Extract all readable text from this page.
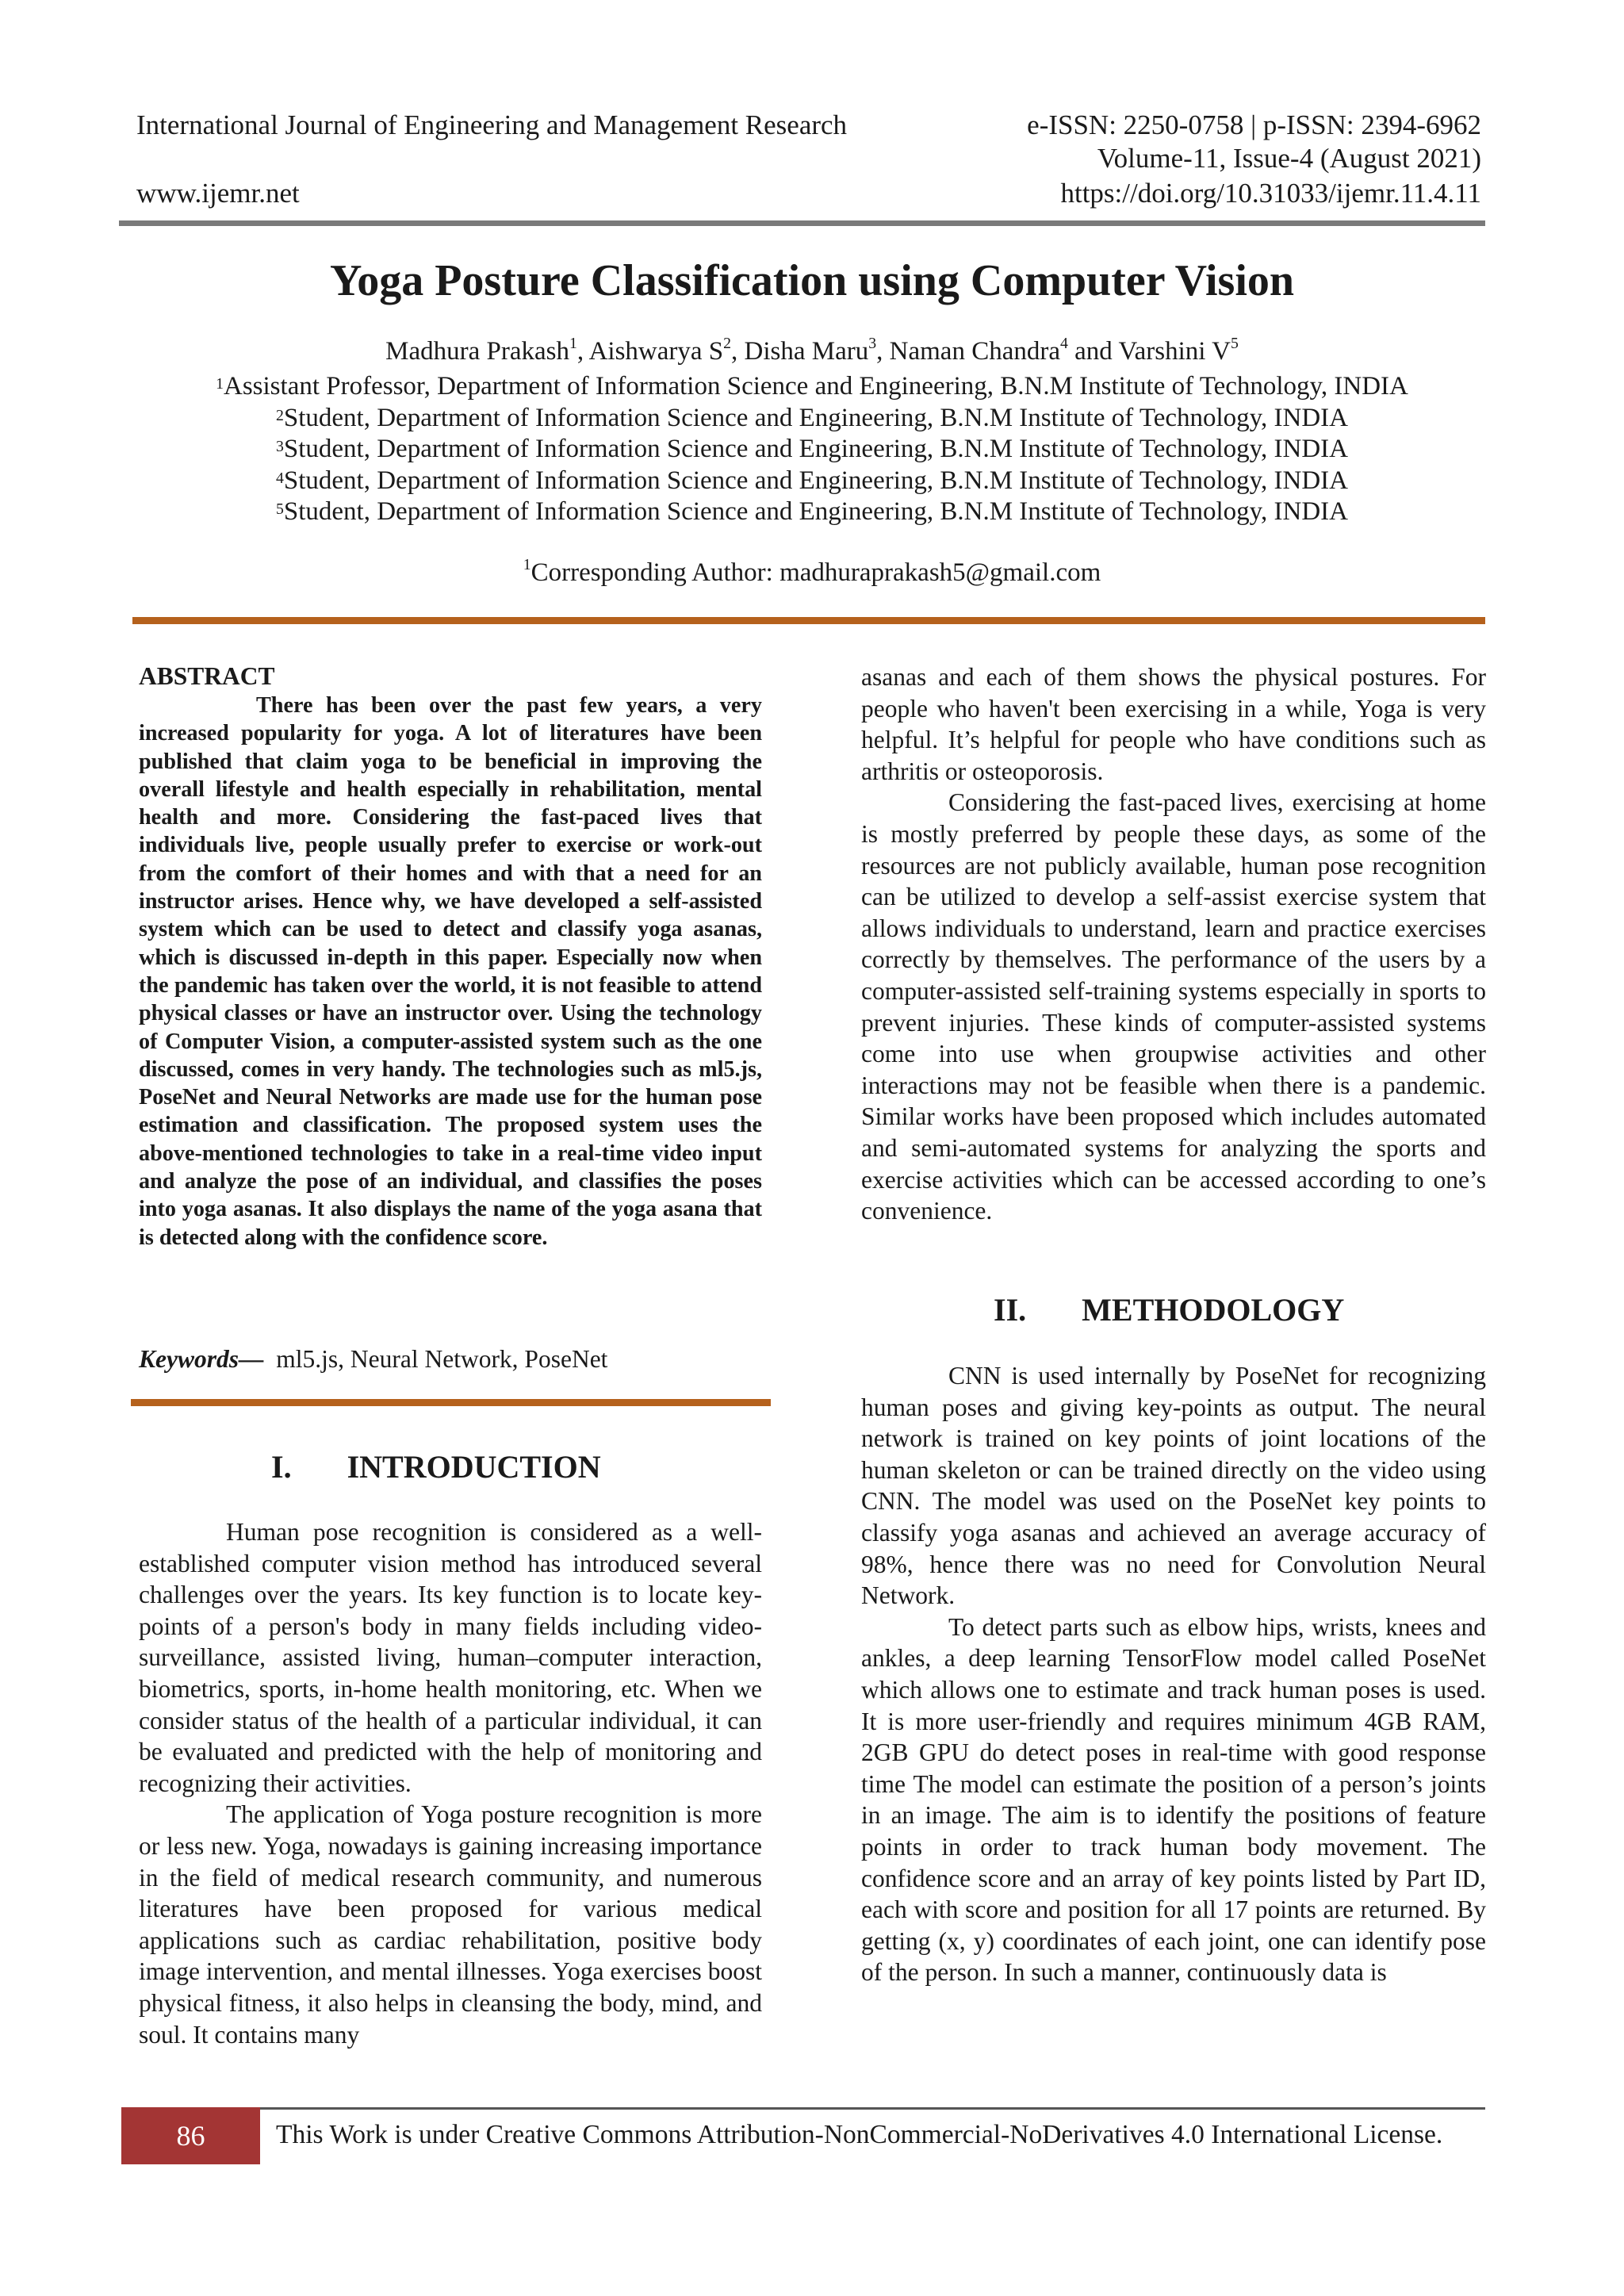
International Journal of Engineering and Management Research	e-ISSN: 2250-0758 | p-ISSN: 2394-6962
Volume-11, Issue-4 (August 2021)
www.ijemr.net	https://doi.org/10.31033/ijemr.11.4.11
Yoga Posture Classification using Computer Vision
Madhura Prakash$^1$, Aishwarya $S^2$, Disha Maru$^3$, Naman Chandra$^4$ and Varshini $V^5$
$^1$Assistant Professor, Department of Information Science and Engineering, B.N.M Institute of Technology, INDIA
$^2$Student, Department of Information Science and Engineering, B.N.M Institute of Technology, INDIA
$^3$Student, Department of Information Science and Engineering, B.N.M Institute of Technology, INDIA
$^4$Student, Department of Information Science and Engineering, B.N.M Institute of Technology, INDIA
$^5$Student, Department of Information Science and Engineering, B.N.M Institute of Technology, INDIA
$^1$Corresponding Author: madhuraprakash5@gmail.com
ABSTRACT
There has been over the past few years, a very increased popularity for yoga. A lot of literatures have been published that claim yoga to be beneficial in improving the overall lifestyle and health especially in rehabilitation, mental health and more. Considering the fast-paced lives that individuals live, people usually prefer to exercise or work-out from the comfort of their homes and with that a need for an instructor arises. Hence why, we have developed a self-assisted system which can be used to detect and classify yoga asanas, which is discussed in-depth in this paper. Especially now when the pandemic has taken over the world, it is not feasible to attend physical classes or have an instructor over. Using the technology of Computer Vision, a computer-assisted system such as the one discussed, comes in very handy. The technologies such as ml5.js, PoseNet and Neural Networks are made use for the human pose estimation and classification. The proposed system uses the above-mentioned technologies to take in a real-time video input and analyze the pose of an individual, and classifies the poses into yoga asanas. It also displays the name of the yoga asana that is detected along with the confidence score.
Keywords— ml5.js, Neural Network, PoseNet
I. INTRODUCTION

Human pose recognition is considered as a well-established computer vision method has introduced several challenges over the years. Its key function is to locate key-points of a person's body in many fields including video-surveillance, assisted living, human–computer interaction, biometrics, sports, in-home health monitoring, etc. When we consider status of the health of a particular individual, it can be evaluated and predicted with the help of monitoring and recognizing their activities.

The application of Yoga posture recognition is more or less new. Yoga, nowadays is gaining increasing importance in the field of medical research community, and numerous literatures have been proposed for various medical applications such as cardiac rehabilitation, positive body image intervention, and mental illnesses. Yoga exercises boost physical fitness, it also helps in cleansing the body, mind, and soul. It contains many

asanas and each of them shows the physical postures. For people who haven't been exercising in a while, Yoga is very helpful. It’s helpful for people who have conditions such as arthritis or osteoporosis.

Considering the fast-paced lives, exercising at home is mostly preferred by people these days, as some of the resources are not publicly available, human pose recognition can be utilized to develop a self-assist exercise system that allows individuals to understand, learn and practice exercises correctly by themselves. The performance of the users by a computer-assisted self-training systems especially in sports to prevent injuries. These kinds of computer-assisted systems come into use when groupwise activities and other interactions may not be feasible when there is a pandemic. Similar works have been proposed which includes automated and semi-automated systems for analyzing the sports and exercise activities which can be accessed according to one’s convenience.

II. METHODOLOGY

CNN is used internally by PoseNet for recognizing human poses and giving key-points as output. The neural network is trained on key points of joint locations of the human skeleton or can be trained directly on the video using CNN. The model was used on the PoseNet key points to classify yoga asanas and achieved an average accuracy of 98%, hence there was no need for Convolution Neural Network.

To detect parts such as elbow hips, wrists, knees and ankles, a deep learning TensorFlow model called PoseNet which allows one to estimate and track human poses is used. It is more user-friendly and requires minimum 4GB RAM, 2GB GPU do detect poses in real-time with good response time The model can estimate the position of a person’s joints in an image. The aim is to identify the positions of feature points in order to track human body movement. The confidence score and an array of key points listed by Part ID, each with score and position for all 17 points are returned. By getting (x, y) coordinates of each joint, one can identify pose of the person. In such a manner, continuously data is

86	This Work is under Creative Commons Attribution-NonCommercial-NoDerivatives 4.0 International License.
